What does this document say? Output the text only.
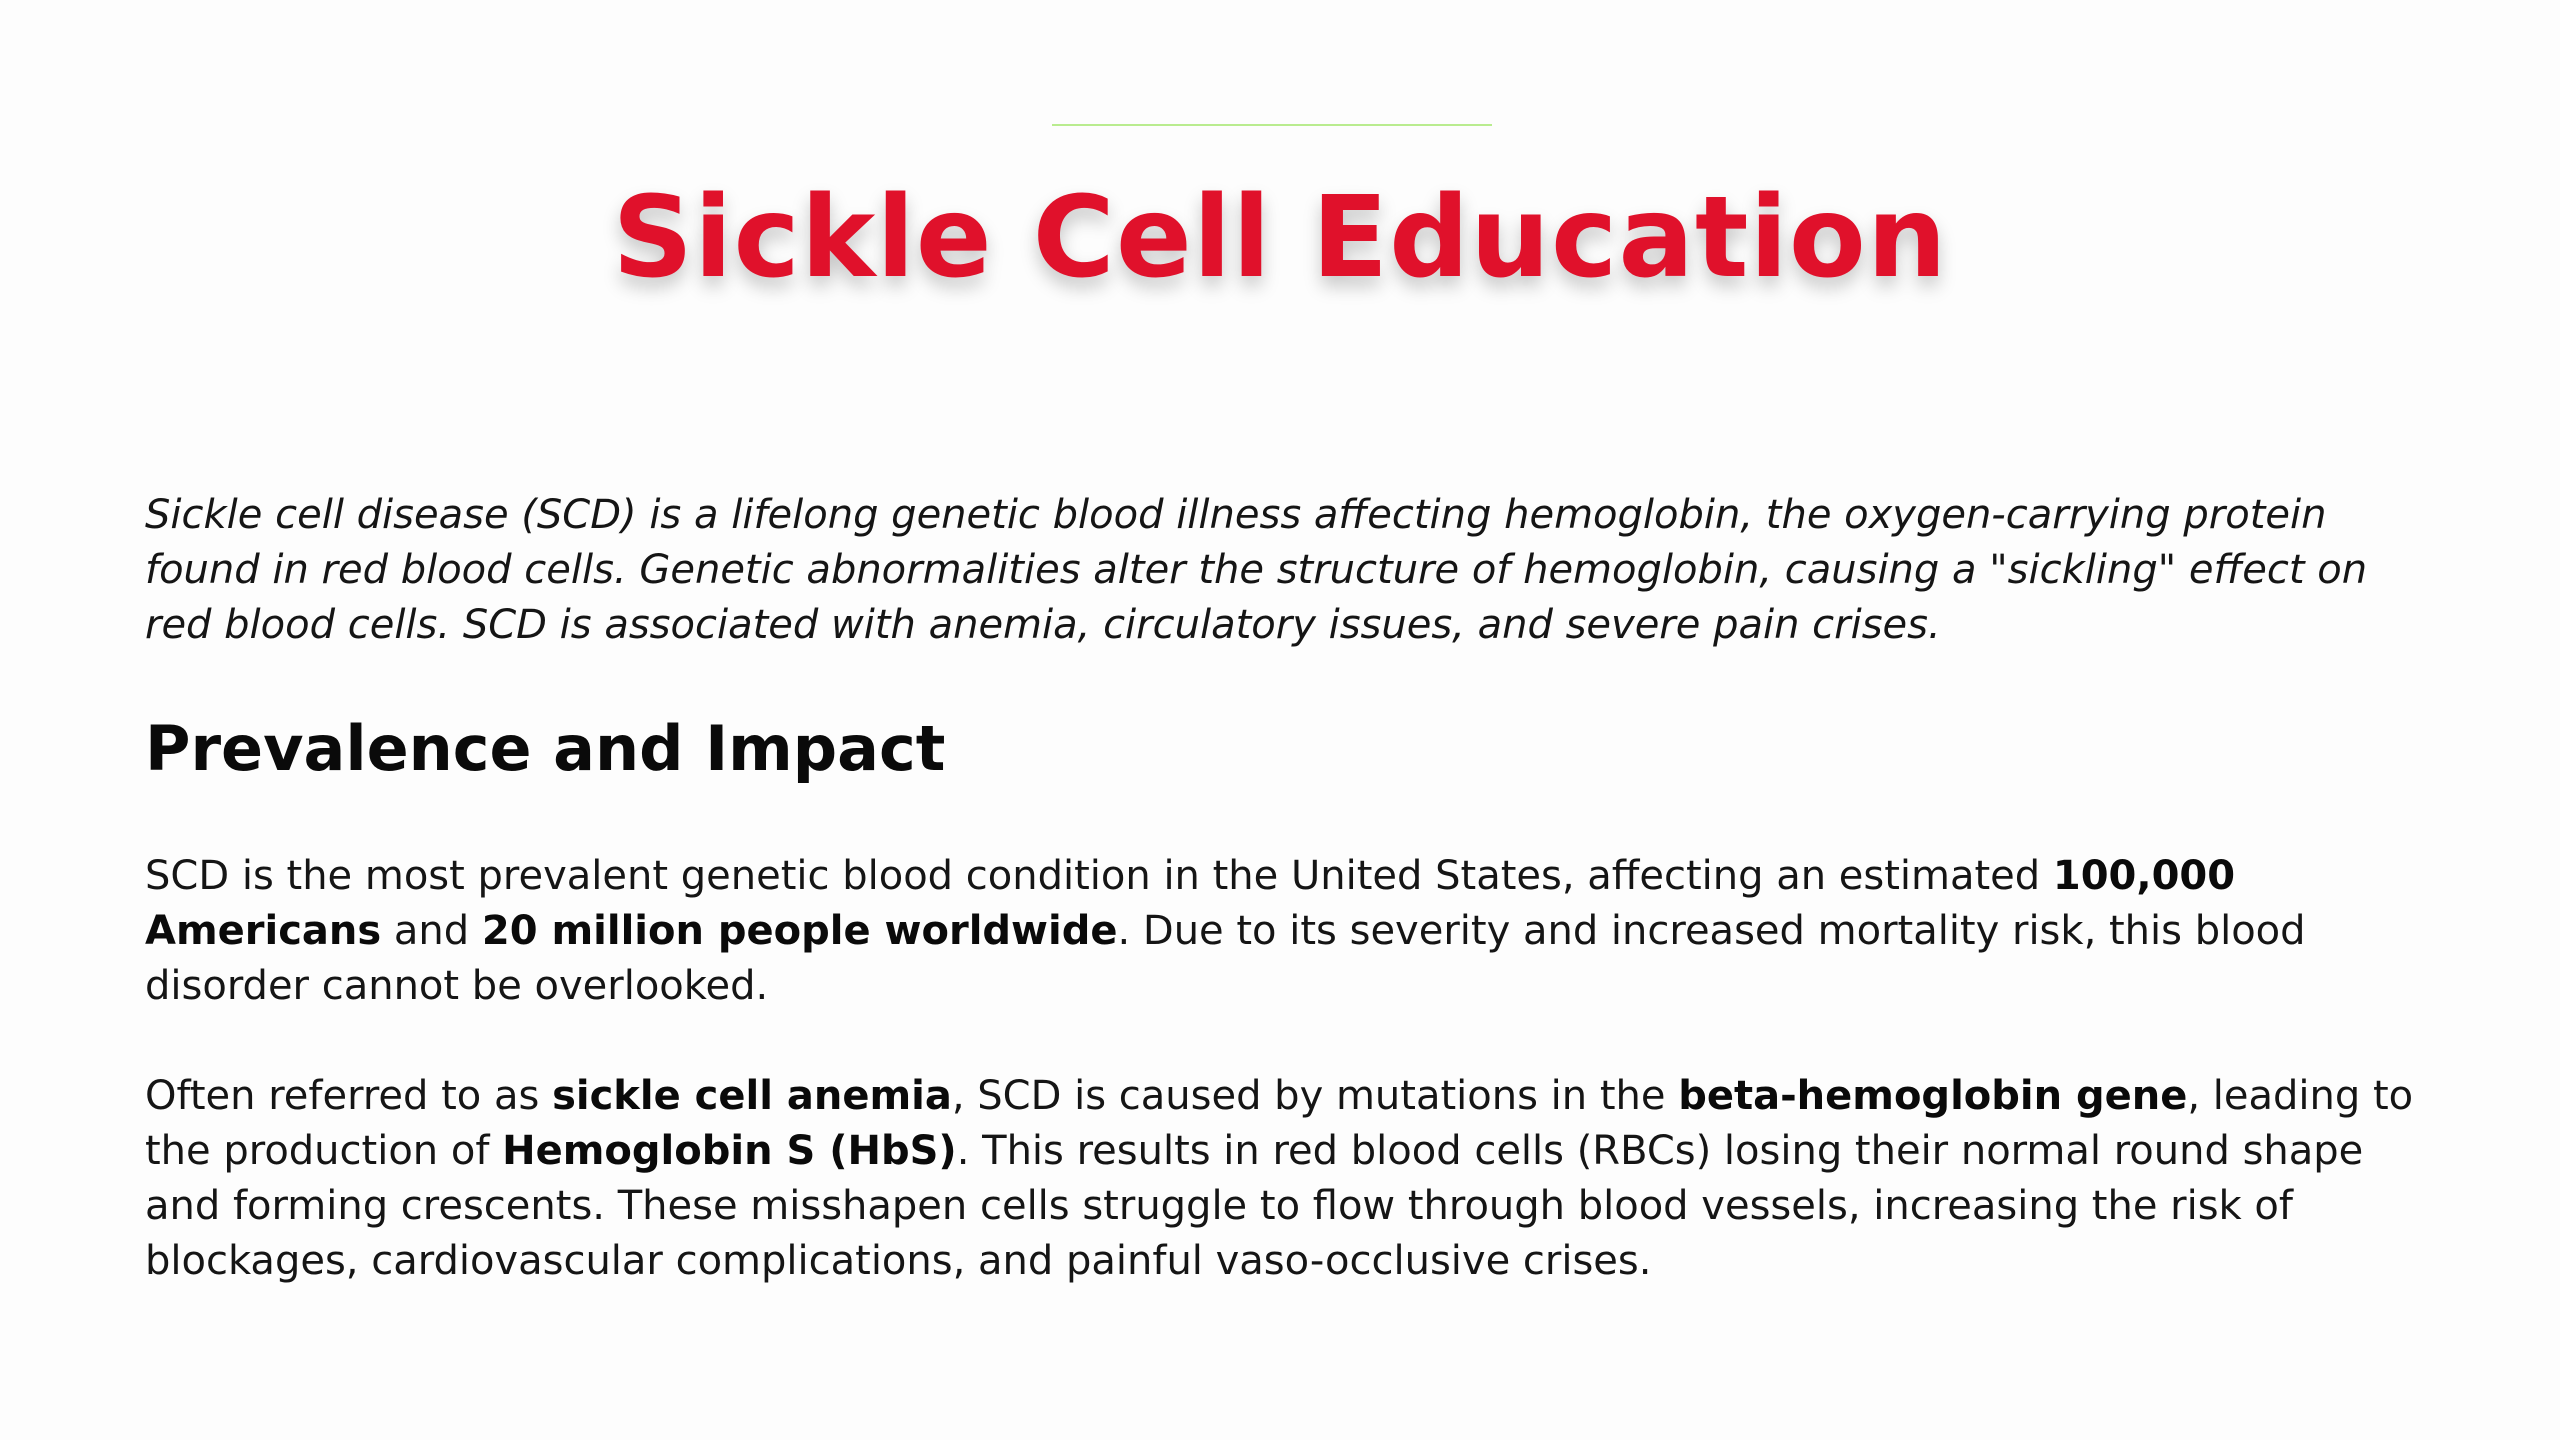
Sickle Cell Education

Sickle cell disease (SCD) is a lifelong genetic blood illness affecting hemoglobin, the oxygen-carrying protein found in red blood cells. Genetic abnormalities alter the structure of hemoglobin, causing a "sickling" effect on red blood cells. SCD is associated with anemia, circulatory issues, and severe pain crises.

Prevalence and Impact

SCD is the most prevalent genetic blood condition in the United States, affecting an estimated 100,000 Americans and 20 million people worldwide. Due to its severity and increased mortality risk, this blood disorder cannot be overlooked.

Often referred to as sickle cell anemia, SCD is caused by mutations in the beta-hemoglobin gene, leading to the production of Hemoglobin S (HbS). This results in red blood cells (RBCs) losing their normal round shape and forming crescents. These misshapen cells struggle to flow through blood vessels, increasing the risk of blockages, cardiovascular complications, and painful vaso-occlusive crises.
